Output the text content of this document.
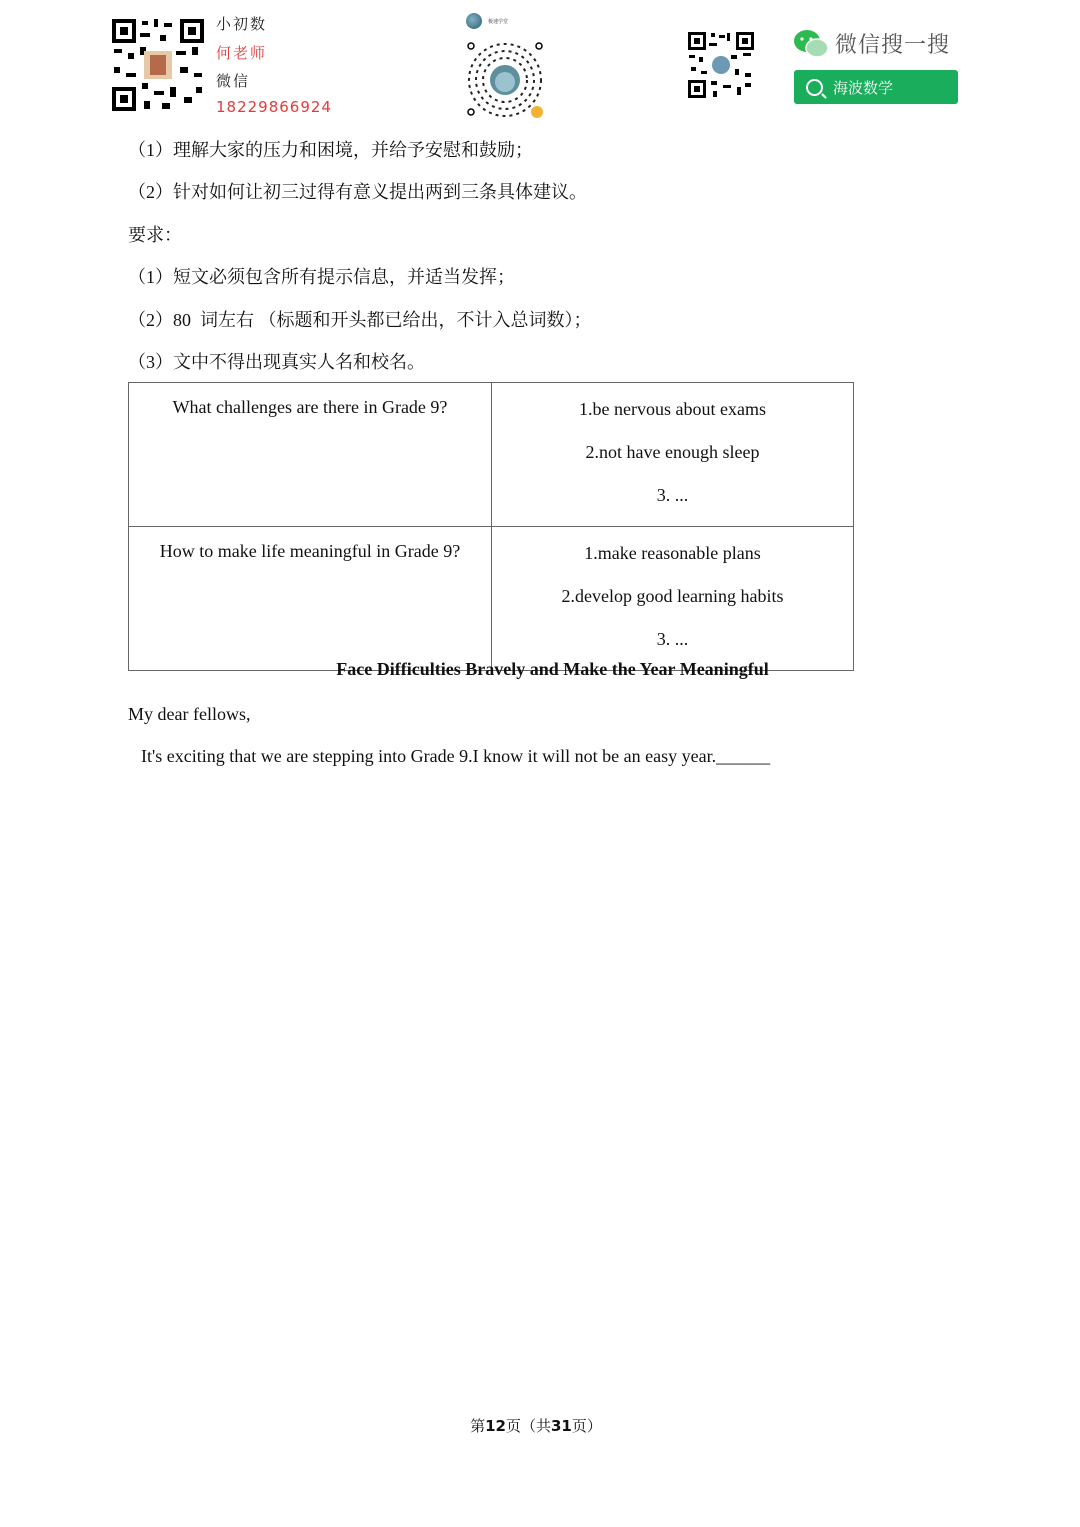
小初数
何老师
微信
18229866924
极速学堂
微信搜一搜
海波数学
（1）理解大家的压力和困境，并给予安慰和鼓励；
（2）针对如何让初三过得有意义提出两到三条具体建议。
要求：
（1）短文必须包含所有提示信息，并适当发挥；
（2）80  词左右 （标题和开头都已给出，不计入总词数）；
（3）文中不得出现真实人名和校名。
What challenges are there in Grade 9?	1.be nervous about exams
2.not have enough sleep
3. ...

How to make life meaningful in Grade 9?	1.make reasonable plans
2.develop good learning habits
3. ...
Face Difficulties Bravely and Make the Year Meaningful
My dear fellows,
It's exciting that we are stepping into Grade 9.I know it will not be an easy year.______
第12页（共31页）
